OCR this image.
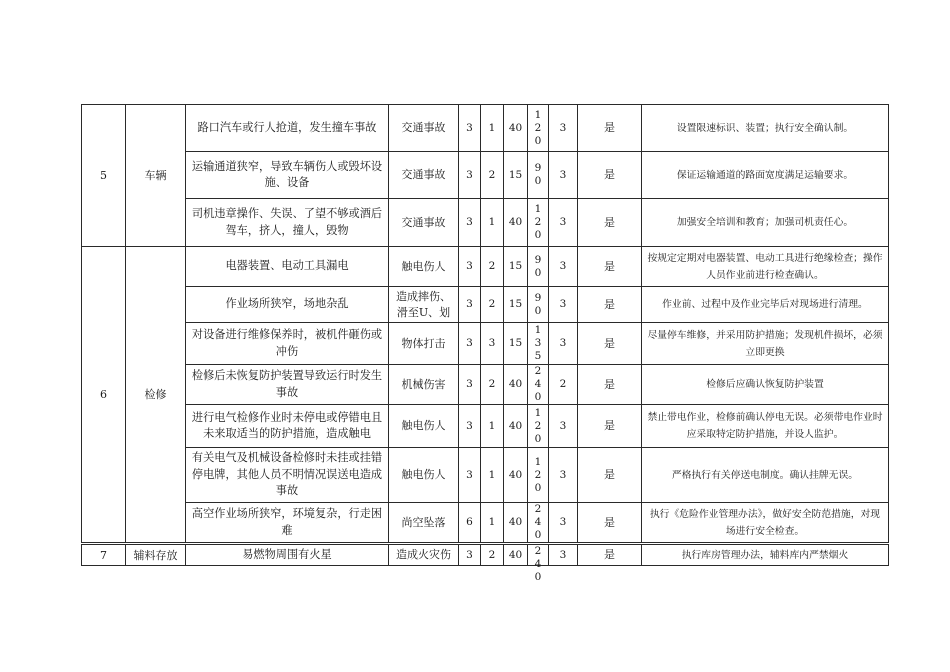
5	车辆	路口汽车或行人抢道，发生撞车事故	交通事故	3	1	40	120	3	是	设置限速标识、装置；执行安全确认制。
		运输通道狭窄，导致车辆伤人或毁坏设施、设备	交通事故	3	2	15	90	3	是	保证运输通道的路面宽度满足运输要求。
		司机违章操作、失误、了望不够或酒后驾车，挤人，撞人，毁物	交通事故	3	1	40	120	3	是	加强安全培训和教育；加强司机责任心。
6	检修	电器装置、电动工具漏电	触电伤人	3	2	15	90	3	是	按规定定期对电器装置、电动工具进行绝缘检查；操作人员作业前进行检查确认。
		作业场所狭窄，场地杂乱	造成摔伤、滑至U、划	3	2	15	90	3	是	作业前、过程中及作业完毕后对现场进行清理。
		对设备进行维修保养时，被机件砸伤或冲伤	物体打击	3	3	15	135	3	是	尽量停车维修，并采用防护措施；发现机件损坏，必须立即更换
		检修后未恢复防护装置导致运行时发生事故	机械伤害	3	2	40	240	2	是	检修后应确认恢复防护装置
		进行电气检修作业时未停电或停错电且未来取适当的防护措施，造成触电	触电伤人	3	1	40	120	3	是	禁止带电作业，检修前确认停电无误。必须带电作业时应采取特定防护措施，并设人监护。
		有关电气及机械设备检修时未挂或挂错停电牌，其他人员不明情况误送电造成事故	触电伤人	3	1	40	120	3	是	严格执行有关停送电制度。确认挂牌无误。
		高空作业场所狭窄，环境复杂，行走困难	尚空坠落	6	1	40	240	3	是	执行《危险作业管理办法》，做好安全防范措施，对现场进行安全检查。
7	辅料存放	易燃物周围有火星	造成火灾伤	3	2	40	240	3	是	执行库房管理办法，辅料库内严禁烟火
